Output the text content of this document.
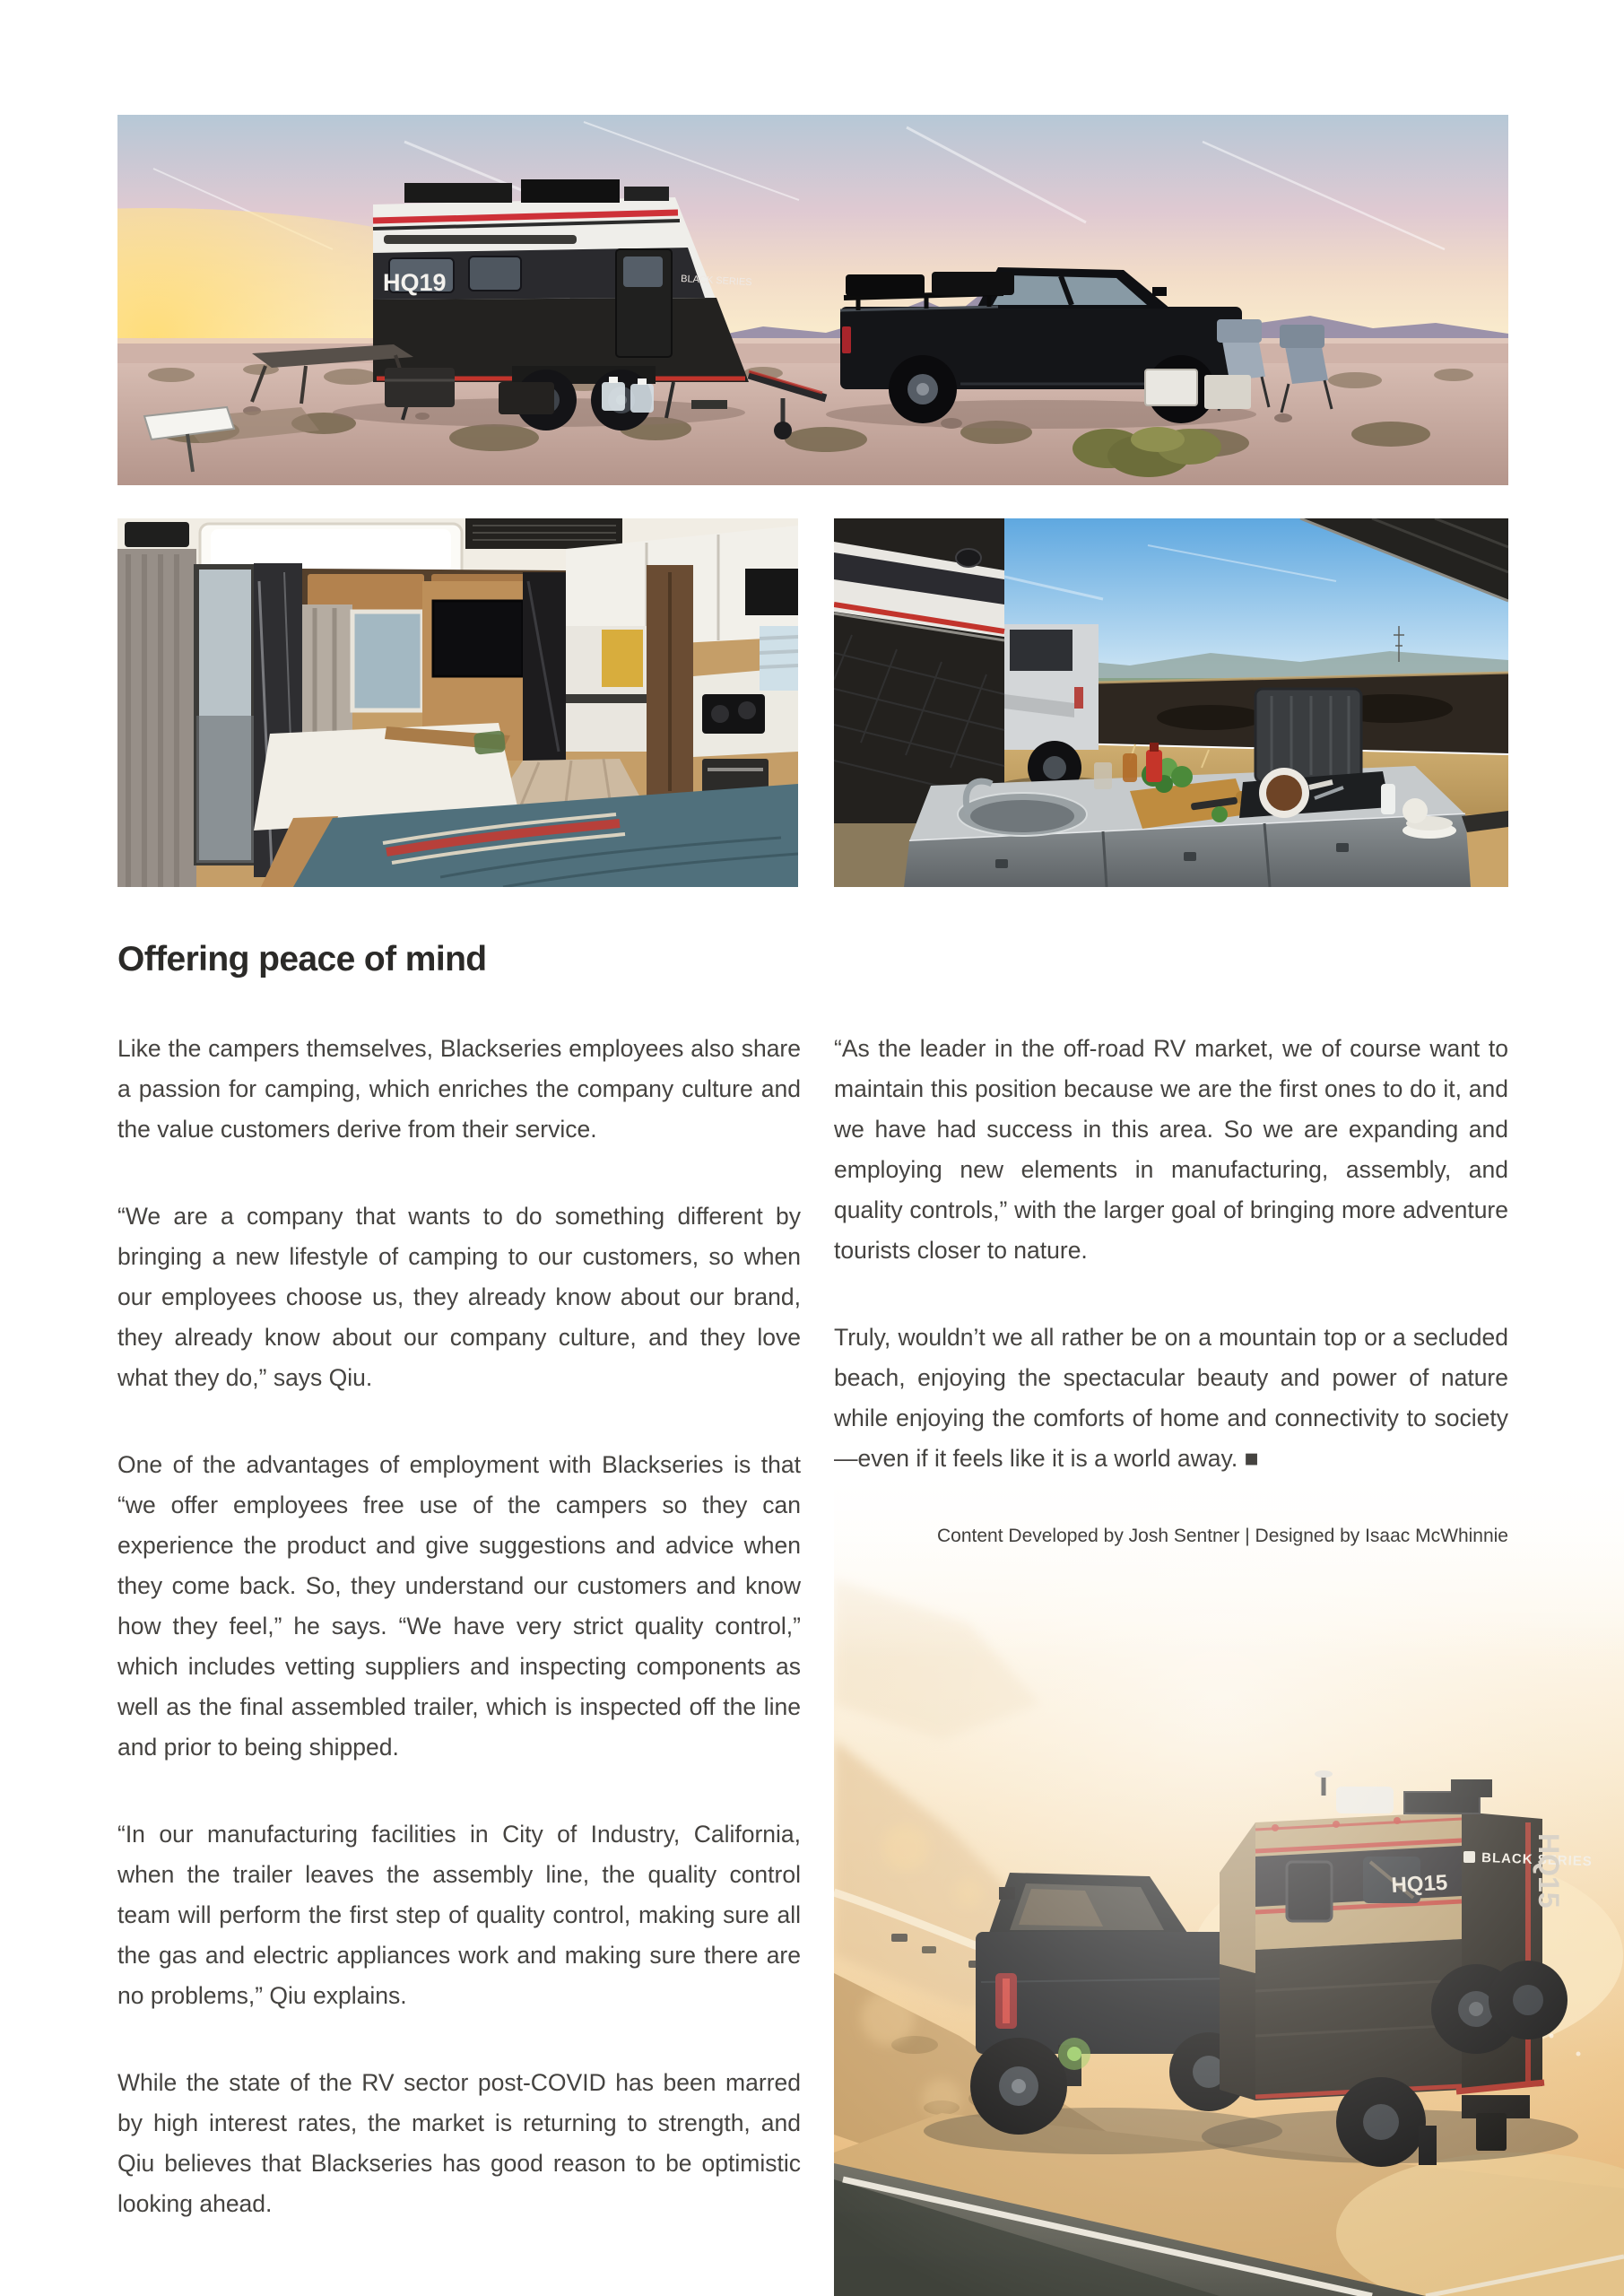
HQ19	BLACK SERIES
Offering peace of mind

Like the campers themselves, Blackseries employees also share a passion for camping, which enriches the company culture and the value customers derive from their service.

“We are a company that wants to do something different by bringing a new lifestyle of camping to our customers, so when our employees choose us, they already know about our brand, they already know about our company culture, and they love what they do,” says Qiu.

One of the advantages of employment with Blackseries is that “we offer employees free use of the campers so they can experience the product and give suggestions and advice when they come back. So, they understand our customers and know how they feel,” he says. “We have very strict quality control,” which includes vetting suppliers and inspecting components as well as the final assembled trailer, which is inspected off the line and prior to being shipped.

“In our manufacturing facilities in City of Industry, California, when the trailer leaves the assembly line, the quality control team will perform the first step of quality control, making sure all the gas and electric appliances work and making sure there are no problems,” Qiu explains.

While the state of the RV sector post-COVID has been marred by high interest rates, the market is returning to strength, and Qiu believes that Blackseries has good reason to be optimistic looking ahead.

“As the leader in the off-road RV market, we of course want to maintain this position because we are the first ones to do it, and we have had success in this area. So we are expanding and employing new elements in manufacturing, assembly, and quality controls,” with the larger goal of bringing more adventure tourists closer to nature.

Truly, wouldn’t we all rather be on a mountain top or a secluded beach, enjoying the spectacular beauty and power of nature while enjoying the comforts of home and connectivity to society—even if it feels like it is a world away. ■

Content Developed by Josh Sentner | Designed by Isaac McWhinnie
